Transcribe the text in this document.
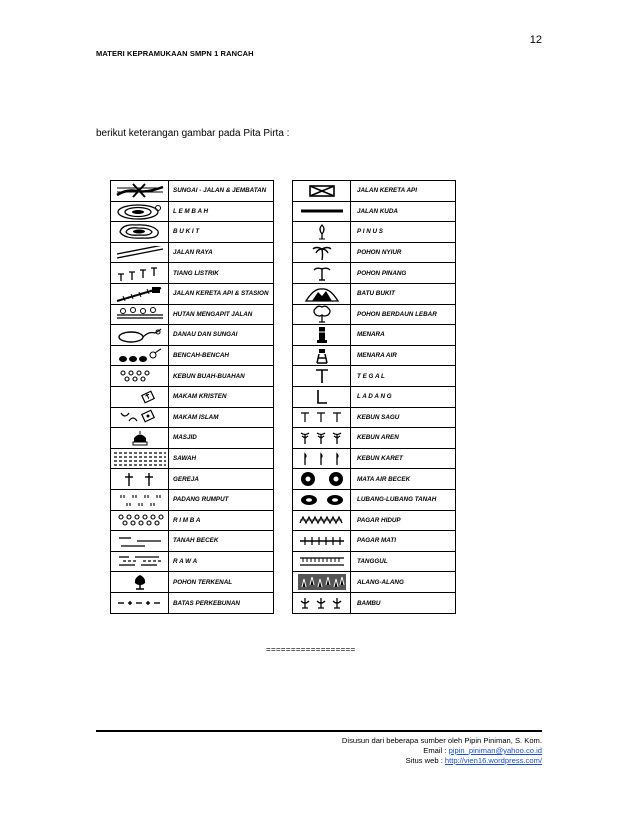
12
MATERI KEPRAMUKAAN SMPN 1 RANCAH
berikut keterangan gambar pada Pita Pirta :
SUNGAI - JALAN & JEMBATAN
L E M B A H
B U K I T
JALAN RAYA
TIANG LISTRIK
JALAN KERETA API & STASION
HUTAN MENGAPIT JALAN
DANAU DAN SUNGAI
BENCAH-BENCAH
KEBUN BUAH-BUAHAN
MAKAM KRISTEN
MAKAM ISLAM
MASJID
SAWAH
GEREJA
PADANG RUMPUT
R I M B A
TANAH BECEK
R A W A
POHON TERKENAL
BATAS PERKEBUNAN
JALAN KERETA API
JALAN KUDA
P I N U S
POHON NYIUR
POHON PINANG
BATU BUKIT
POHON BERDAUN LEBAR
MENARA
MENARA AIR
T E G A L
L A D A N G
KEBUN SAGU
KEBUN AREN
KEBUN KARET
MATA AIR BECEK
LUBANG-LUBANG TANAH
PAGAR HIDUP
PAGAR MATI
TANGGUL
ALANG-ALANG
BAMBU
==================
Disusun dari beberapa sumber oleh Pipin Piniman, S. Kom.
Email : pipin_piniman@yahoo.co.id
Situs web : http://vien16.wordpress.com/
